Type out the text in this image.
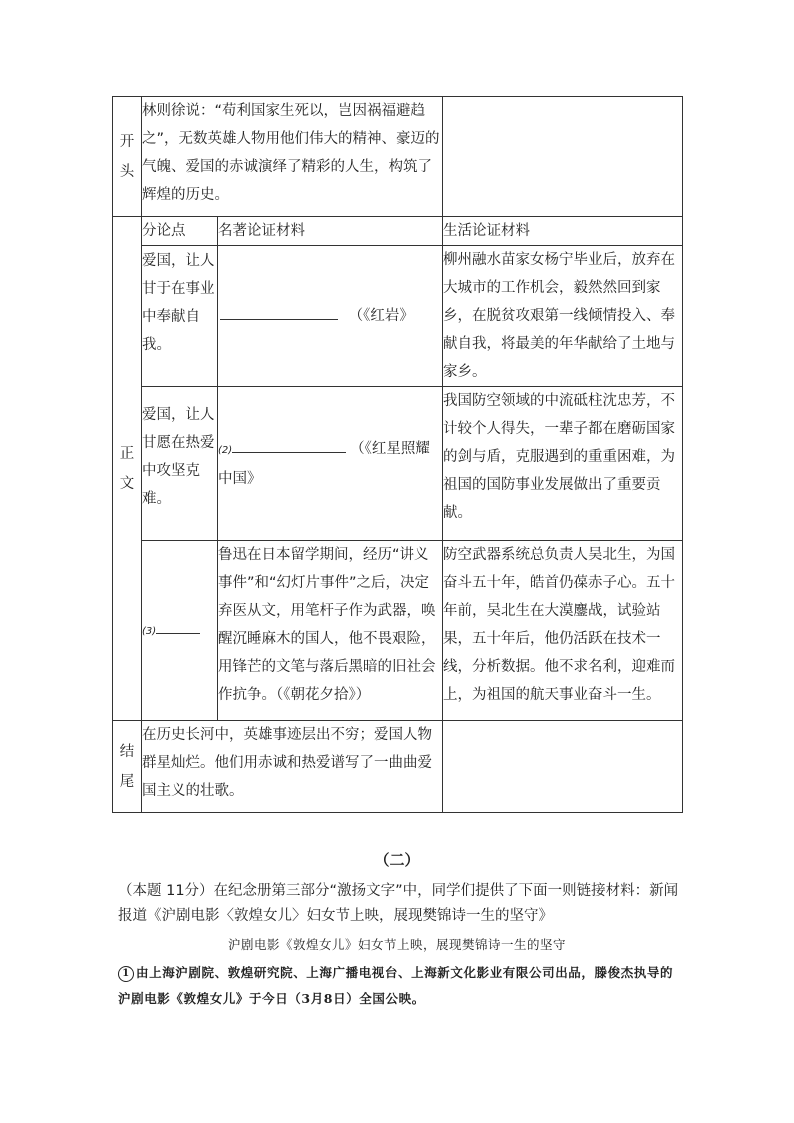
开
头	林则徐说：“苟利国家生死以，岂因祸福避趋之”，无数英雄人物用他们伟大的精神、豪迈的气魄、爱国的赤诚演绎了精彩的人生，构筑了辉煌的历史。		

正
文	分论点	名著论证材料	生活论证材料

	爱国，让人甘于在事业中奉献自我。	（《红岩》	柳州融水苗家女杨宁毕业后，放弃在大城市的工作机会，毅然然回到家乡，在脱贫攻艰第一线倾情投入、奉献自我，将最美的年华献给了土地与家乡。

	爱国，让人甘愿在热爱中攻坚克难。	(2) （《红星照耀中国》	我国防空领域的中流砥柱沈忠芳，不计较个人得失，一辈子都在磨砺国家的剑与盾，克服遇到的重重困难，为祖国的国防事业发展做出了重要贡献。

	(3)	鲁迅在日本留学期间，经历“讲义事件”和“幻灯片事件”之后，决定弃医从文，用笔杆子作为武器，唤醒沉睡麻木的国人，他不畏艰险，用锋芒的文笔与落后黑暗的旧社会作抗争。（《朝花夕拾》）	防空武器系统总负责人吴北生，为国奋斗五十年，皓首仍葆赤子心。五十年前，吴北生在大漠鏖战，试验站果，五十年后，他仍活跃在技术一线，分析数据。他不求名利，迎难而上，为祖国的航天事业奋斗一生。

结
尾	在历史长河中，英雄事迹层出不穷；爱国人物群星灿烂。他们用赤诚和热爱谱写了一曲曲爱国主义的壮歌。		

（二）
（本题 11分）在纪念册第三部分“激扬文字”中，同学们提供了下面一则链接材料：新闻报道《沪剧电影〈敦煌女儿〉妇女节上映，展现樊锦诗一生的坚守》
沪剧电影《敦煌女儿》妇女节上映，展现樊锦诗一生的坚守
1 由上海沪剧院、敦煌研究院、上海广播电视台、上海新文化影业有限公司出品，滕俊杰执导的沪剧电影《敦煌女儿》于今日（3月8日）全国公映。
